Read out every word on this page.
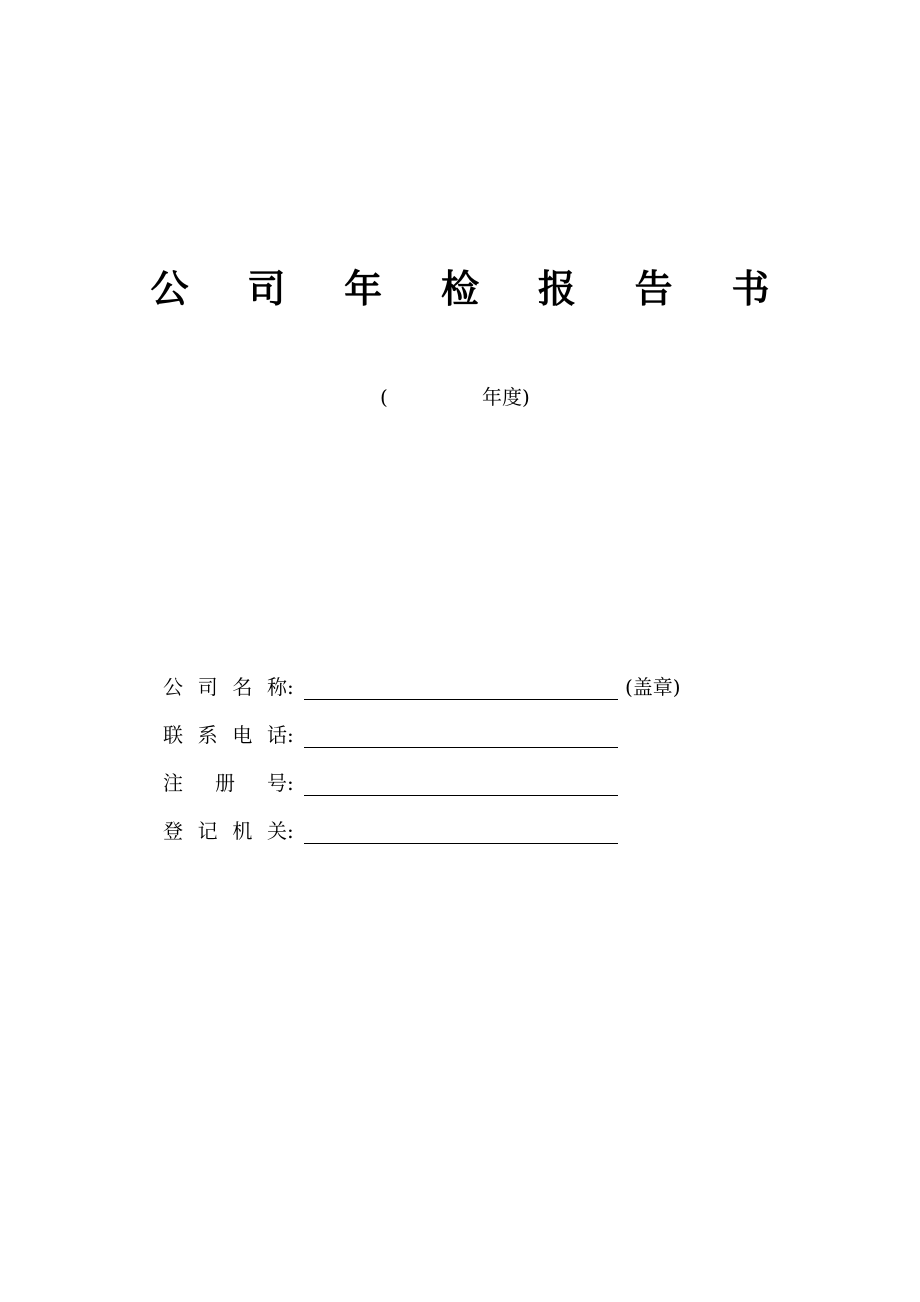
公 司 年 检 报 告 书
(	年度)
公 司 名 称 :	(盖章)
联 系 电 话 :
注 册 号 :
登 记 机 关 :
